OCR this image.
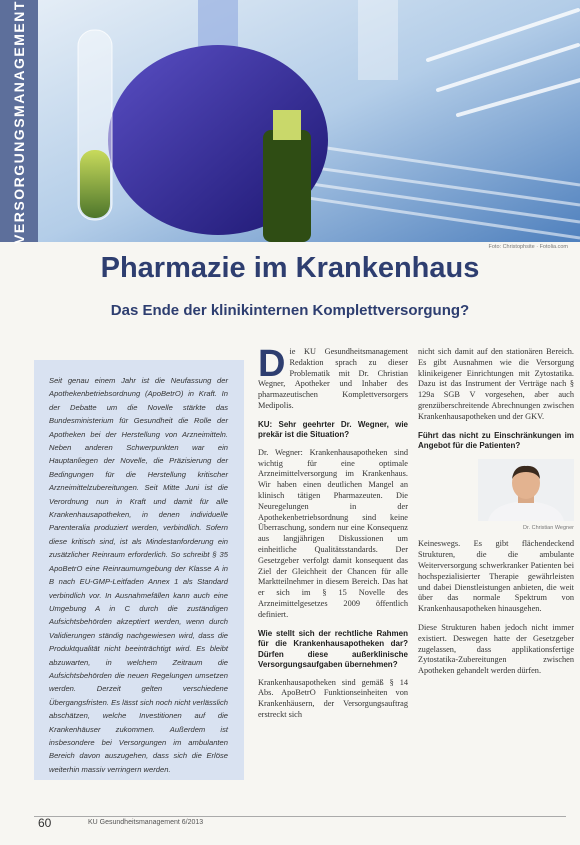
VERSORGUNGSMANAGEMENT
Foto: Christophsite · Fotolia.com
Pharmazie im Krankenhaus
Das Ende der klinikinternen Komplettversorgung?
Seit genau einem Jahr ist die Neufassung der Apothekenbetriebsordnung (ApoBetrO) in Kraft. In der Debatte um die Novelle stärkte das Bundesministerium für Gesundheit die Rolle der Apotheken bei der Herstellung von Arzneimitteln. Neben anderen Schwerpunkten war ein Hauptanliegen der Novelle, die Präzisierung der Bedingungen für die Herstellung kritischer Arzneimittelzubereitungen. Seit Mitte Juni ist die Verordnung nun in Kraft und damit für alle Krankenhausapotheken, in denen individuelle Parenteralia produziert werden, verbindlich. Sofern diese kritisch sind, ist als Mindestanforderung ein zusätzlicher Reinraum erforderlich. So schreibt § 35 ApoBetrO eine Reinraumumgebung der Klasse A in B nach EU-GMP-Leitfaden Annex 1 als Standard verbindlich vor. In Ausnahmefällen kann auch eine Umgebung A in C durch die zuständigen Aufsichtsbehörden akzeptiert werden, wenn durch Validierungen ständig nachgewiesen wird, dass die Produktqualität nicht beeinträchtigt wird. Es bleibt abzuwarten, in welchem Zeitraum die Aufsichtsbehörden die neuen Regelungen umsetzen werden. Derzeit gelten verschiedene Übergangsfristen. Es lässt sich noch nicht verlässlich abschätzen, welche Investitionen auf die Krankenhäuser zukommen. Außerdem ist insbesondere bei Versorgungen im ambulanten Bereich davon auszugehen, dass sich die Erlöse weiterhin massiv verringern werden.

Die KU Gesundheitsmanagement Redaktion sprach zu dieser Problematik mit Dr. Christian Wegner, Apotheker und Inhaber des pharmazeutischen Komplettversorgers Medipolis.

KU: Sehr geehrter Dr. Wegner, wie prekär ist die Situation?

Dr. Wegner: Krankenhausapotheken sind wichtig für eine optimale Arzneimittelversorgung im Krankenhaus. Wir haben einen deutlichen Mangel an klinisch tätigen Pharmazeuten. Die Neuregelungen in der Apothekenbetriebsordnung sind keine Überraschung, sondern nur eine Konsequenz aus langjährigen Diskussionen um einheitliche Qualitätsstandards. Der Gesetzgeber verfolgt damit konsequent das Ziel der Gleichheit der Chancen für alle Marktteilnehmer in diesem Bereich. Das hat er sich im § 15 Novelle des Arzneimittelgesetzes 2009 öffentlich definiert.

Wie stellt sich der rechtliche Rahmen für die Krankenhausapotheken dar? Dürfen diese außerklinische Versorgungsaufgaben übernehmen?

Krankenhausapotheken sind gemäß § 14 Abs. ApoBetrO Funktionseinheiten von Krankenhäusern, der Versorgungsauftrag erstreckt sich

nicht sich damit auf den stationären Bereich. Es gibt Ausnahmen wie die Versorgung klinikeigener Einrichtungen mit Zytostatika. Dazu ist das Instrument der Verträge nach § 129a SGB V vorgesehen, aber auch grenzüberschreitende Abrechnungen zwischen Krankenhausapotheken und der GKV.

Führt das nicht zu Einschränkungen im Angebot für die Patienten?
Dr. Christian Wegner

Keineswegs. Es gibt flächendeckend Strukturen, die die ambulante Weiterversorgung schwerkranker Patienten bei hochspezialisierter Therapie gewährleisten und dabei Dienstleistungen anbieten, die weit über das normale Spektrum von Krankenhausapotheken hinausgehen.

Diese Strukturen haben jedoch nicht immer existiert. Deswegen hatte der Gesetzgeber zugelassen, dass applikationsfertige Zytostatika-Zubereitungen zwischen Apotheken gehandelt werden dürfen.

60	KU Gesundheitsmanagement 6/2013
